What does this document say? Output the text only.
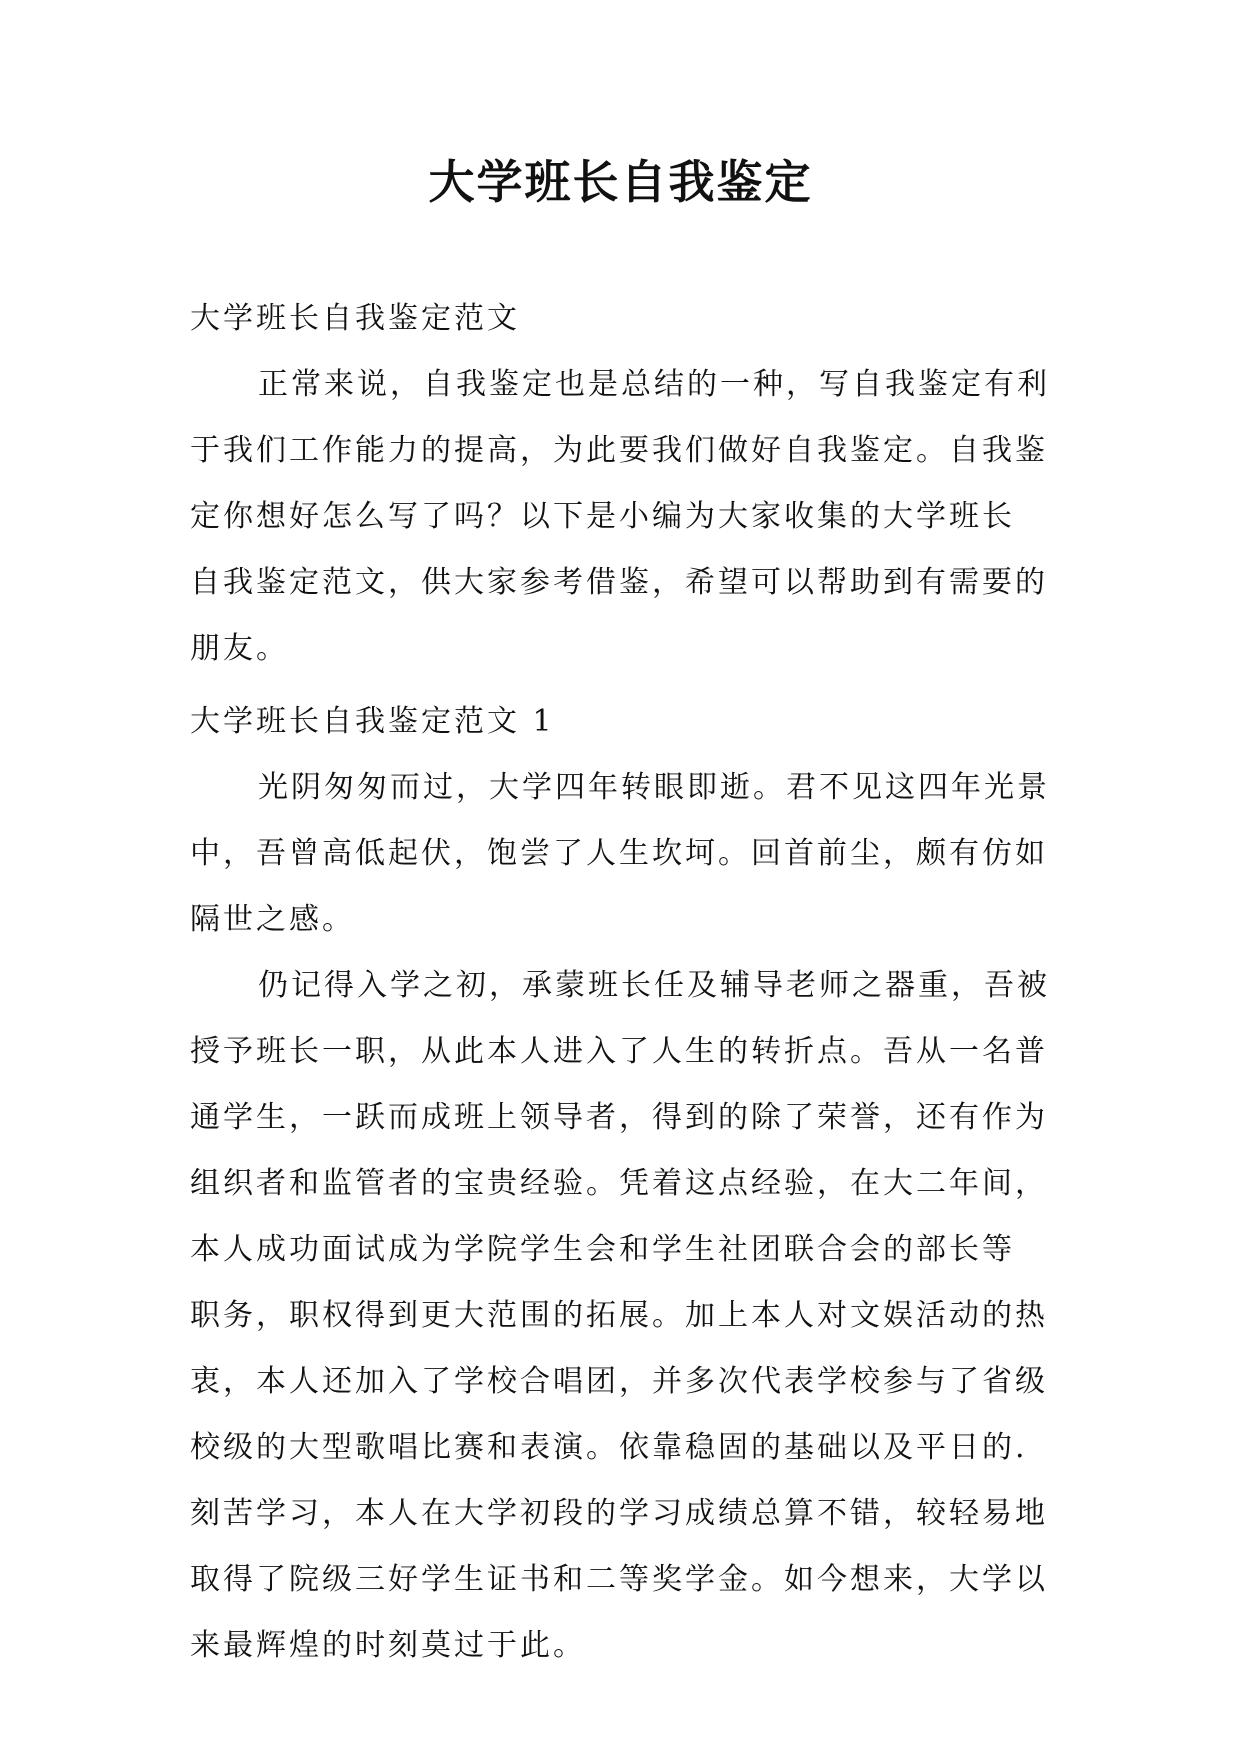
大学班长自我鉴定
大学班长自我鉴定范文
正常来说，自我鉴定也是总结的一种，写自我鉴定有利
于我们工作能力的提高，为此要我们做好自我鉴定。自我鉴
定你想好怎么写了吗？以下是小编为大家收集的大学班长
自我鉴定范文，供大家参考借鉴，希望可以帮助到有需要的
朋友。
大学班长自我鉴定范文 1
光阴匆匆而过，大学四年转眼即逝。君不见这四年光景
中，吾曾高低起伏，饱尝了人生坎坷。回首前尘，颇有仿如
隔世之感。
仍记得入学之初，承蒙班长任及辅导老师之器重，吾被
授予班长一职，从此本人进入了人生的转折点。吾从一名普
通学生，一跃而成班上领导者，得到的除了荣誉，还有作为
组织者和监管者的宝贵经验。凭着这点经验，在大二年间，
本人成功面试成为学院学生会和学生社团联合会的部长等
职务，职权得到更大范围的拓展。加上本人对文娱活动的热
衷，本人还加入了学校合唱团，并多次代表学校参与了省级
校级的大型歌唱比赛和表演。依靠稳固的基础以及平日的.
刻苦学习，本人在大学初段的学习成绩总算不错，较轻易地
取得了院级三好学生证书和二等奖学金。如今想来，大学以
来最辉煌的时刻莫过于此。
